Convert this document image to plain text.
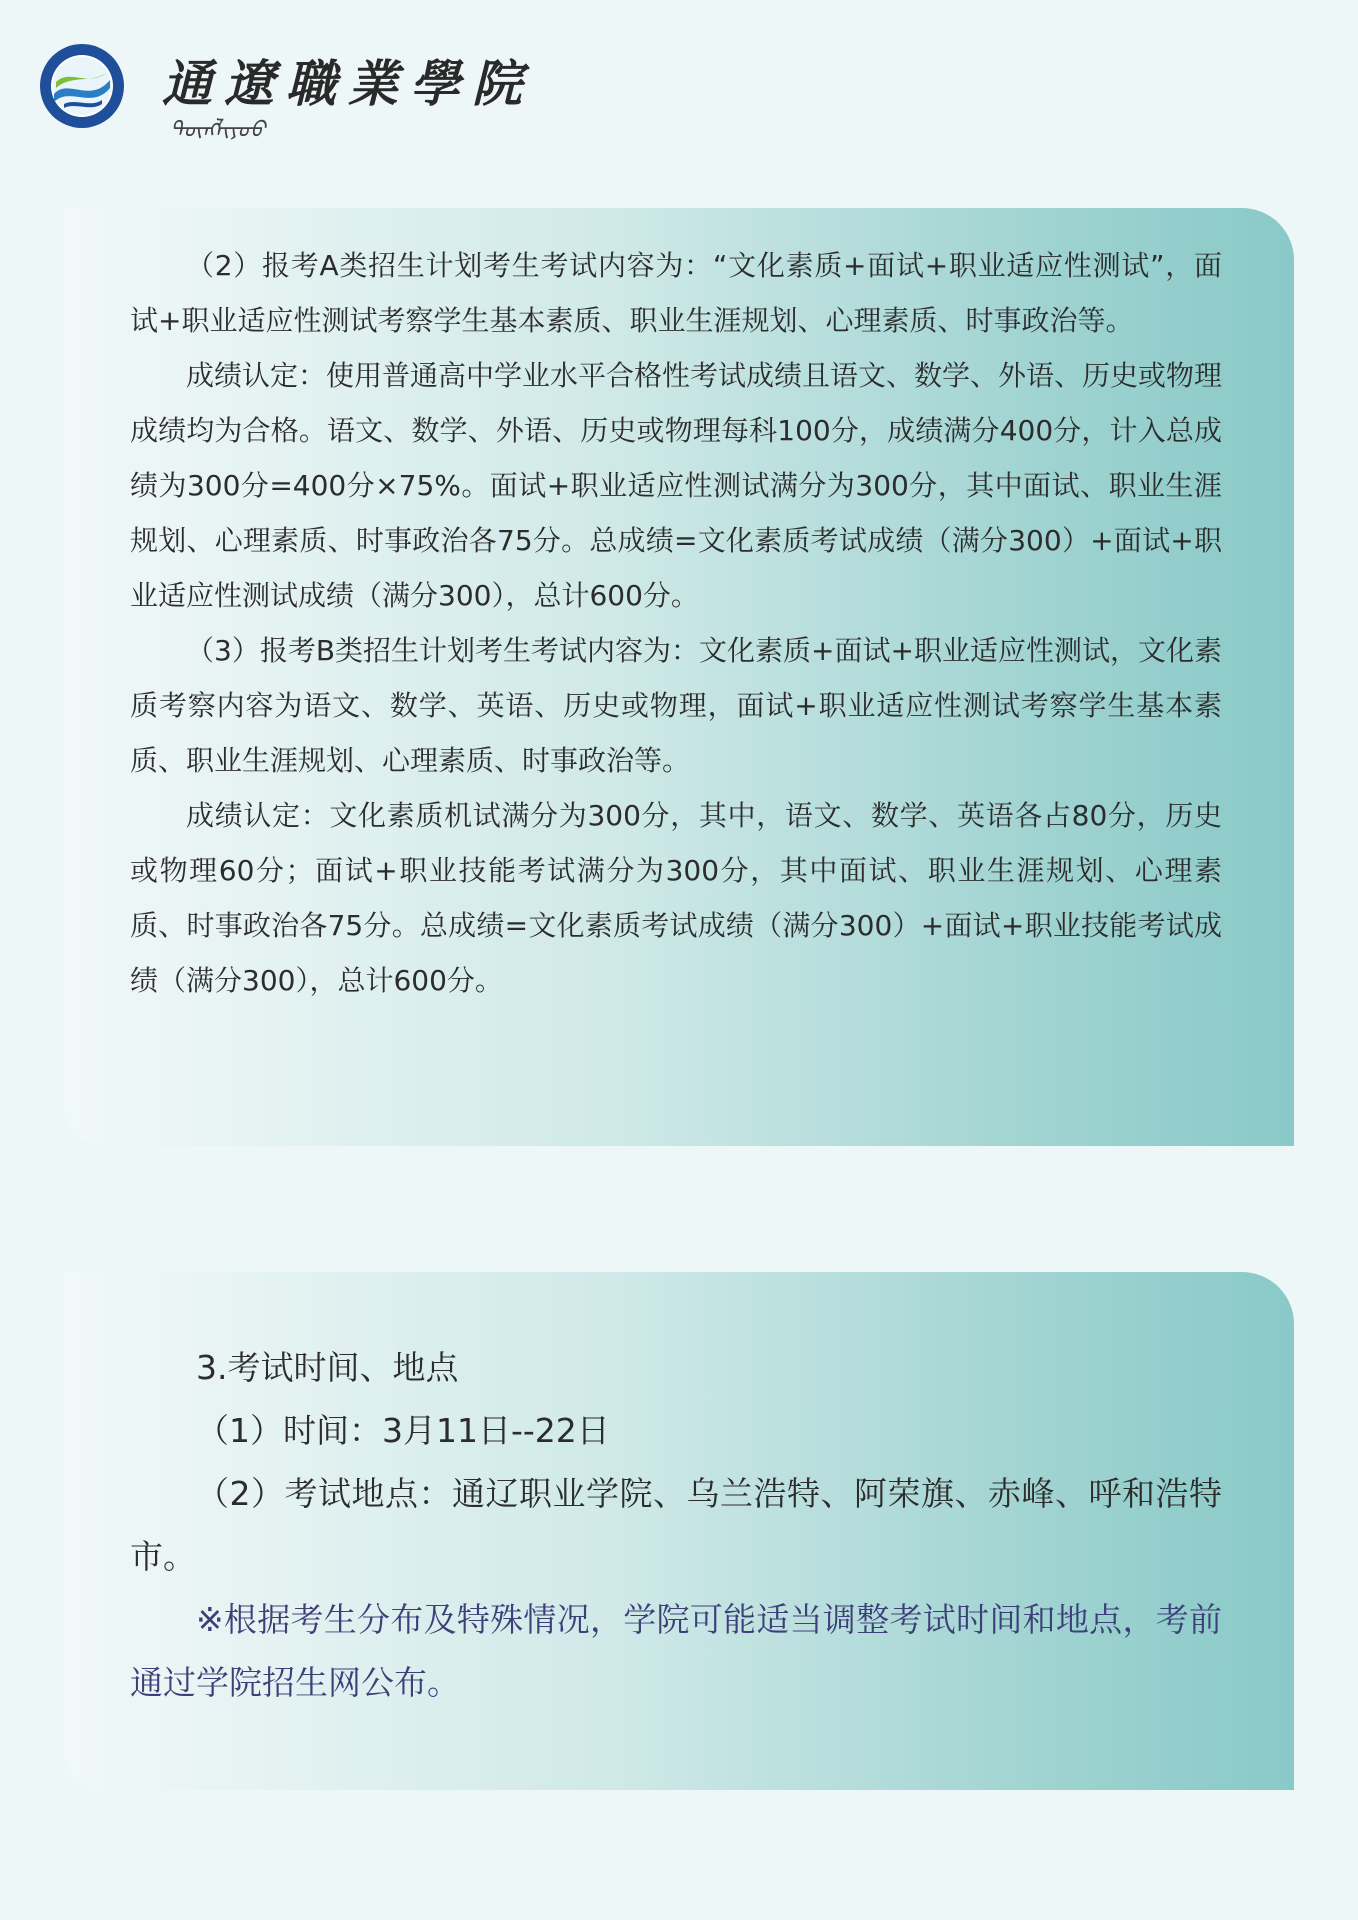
通遼職業學院
ᠲᠦᠩᠯᠢᠶᠣᠣ

（2）报考A类招生计划考生考试内容为：“文化素质+面试+职业适应性测试”，面试+职业适应性测试考察学生基本素质、职业生涯规划、心理素质、时事政治等。

成绩认定：使用普通高中学业水平合格性考试成绩且语文、数学、外语、历史或物理成绩均为合格。语文、数学、外语、历史或物理每科100分，成绩满分400分，计入总成绩为300分=400分×75%。面试+职业适应性测试满分为300分，其中面试、职业生涯规划、心理素质、时事政治各75分。总成绩=文化素质考试成绩（满分300）+面试+职业适应性测试成绩（满分300），总计600分。

（3）报考B类招生计划考生考试内容为：文化素质+面试+职业适应性测试，文化素质考察内容为语文、数学、英语、历史或物理，面试+职业适应性测试考察学生基本素质、职业生涯规划、心理素质、时事政治等。

成绩认定：文化素质机试满分为300分，其中，语文、数学、英语各占80分，历史或物理60分；面试+职业技能考试满分为300分，其中面试、职业生涯规划、心理素质、时事政治各75分。总成绩=文化素质考试成绩（满分300）+面试+职业技能考试成绩（满分300），总计600分。

3.考试时间、地点

（1）时间：3月11日--22日

（2）考试地点：通辽职业学院、乌兰浩特、阿荣旗、赤峰、呼和浩特市。

※根据考生分布及特殊情况，学院可能适当调整考试时间和地点，考前通过学院招生网公布。
